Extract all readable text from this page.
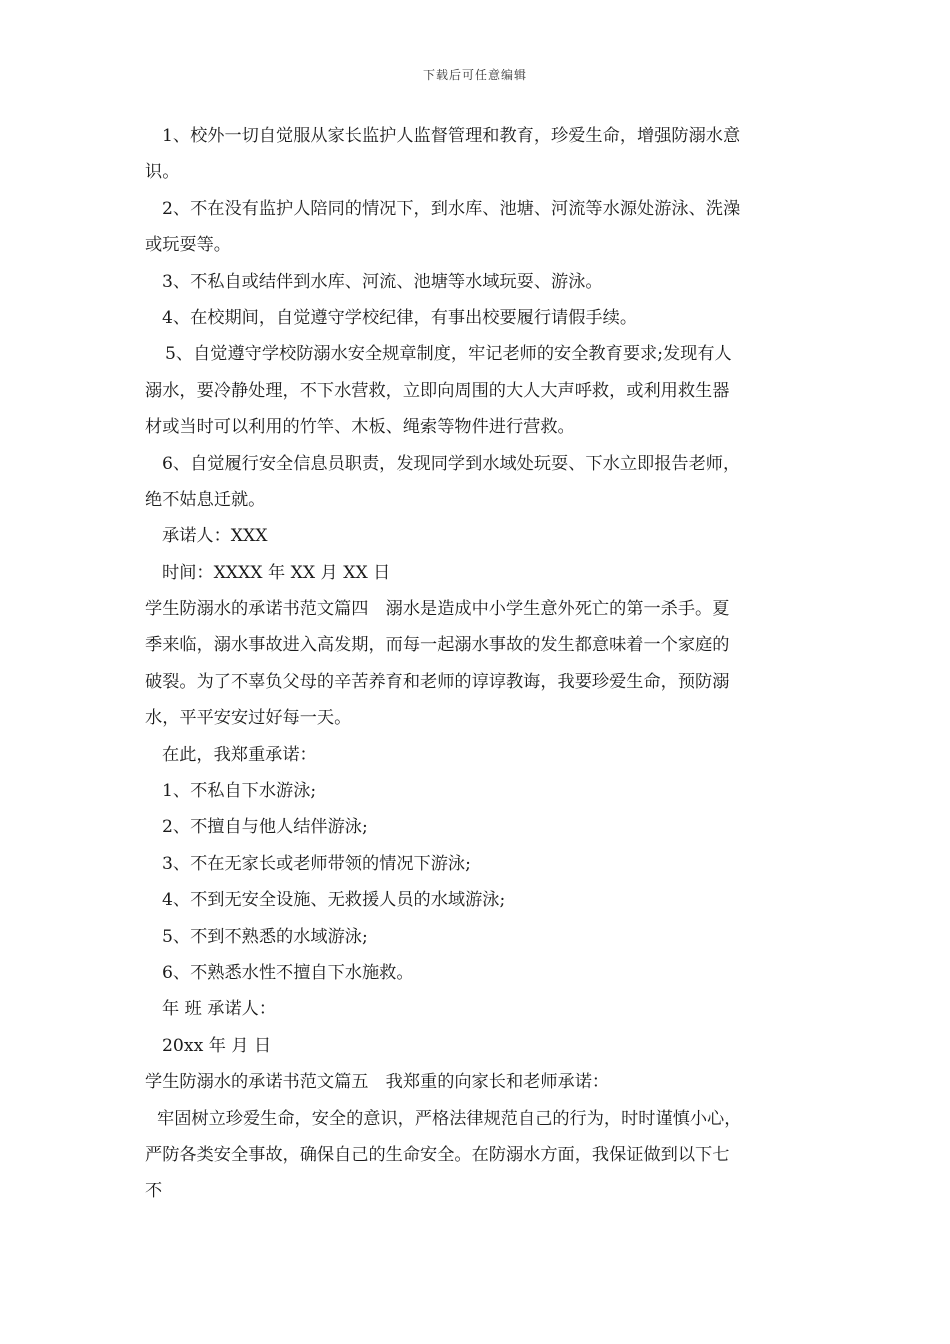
下载后可任意编辑
1、校外一切自觉服从家长监护人监督管理和教育，珍爱生命，增强防溺水意
识。
2、不在没有监护人陪同的情况下，到水库、池塘、河流等水源处游泳、洗澡
或玩耍等。
3、不私自或结伴到水库、河流、池塘等水域玩耍、游泳。
4、在校期间，自觉遵守学校纪律，有事出校要履行请假手续。
5、自觉遵守学校防溺水安全规章制度，牢记老师的安全教育要求;发现有人
溺水，要冷静处理，不下水营救，立即向周围的大人大声呼救，或利用救生器
材或当时可以利用的竹竿、木板、绳索等物件进行营救。
6、自觉履行安全信息员职责，发现同学到水域处玩耍、下水立即报告老师，
绝不姑息迁就。
承诺人：XXX
时间：XXXX 年 XX 月 XX 日
学生防溺水的承诺书范文篇四　溺水是造成中小学生意外死亡的第一杀手。夏
季来临，溺水事故进入高发期，而每一起溺水事故的发生都意味着一个家庭的
破裂。为了不辜负父母的辛苦养育和老师的谆谆教诲，我要珍爱生命，预防溺
水，平平安安过好每一天。
在此，我郑重承诺：
1、不私自下水游泳;
2、不擅自与他人结伴游泳;
3、不在无家长或老师带领的情况下游泳;
4、不到无安全设施、无救援人员的水域游泳;
5、不到不熟悉的水域游泳;
6、不熟悉水性不擅自下水施救。
年 班 承诺人：
20xx 年 月 日
学生防溺水的承诺书范文篇五　我郑重的向家长和老师承诺：
牢固树立珍爱生命，安全的意识，严格法律规范自己的行为，时时谨慎小心，
严防各类安全事故，确保自己的生命安全。在防溺水方面，我保证做到以下七
不
